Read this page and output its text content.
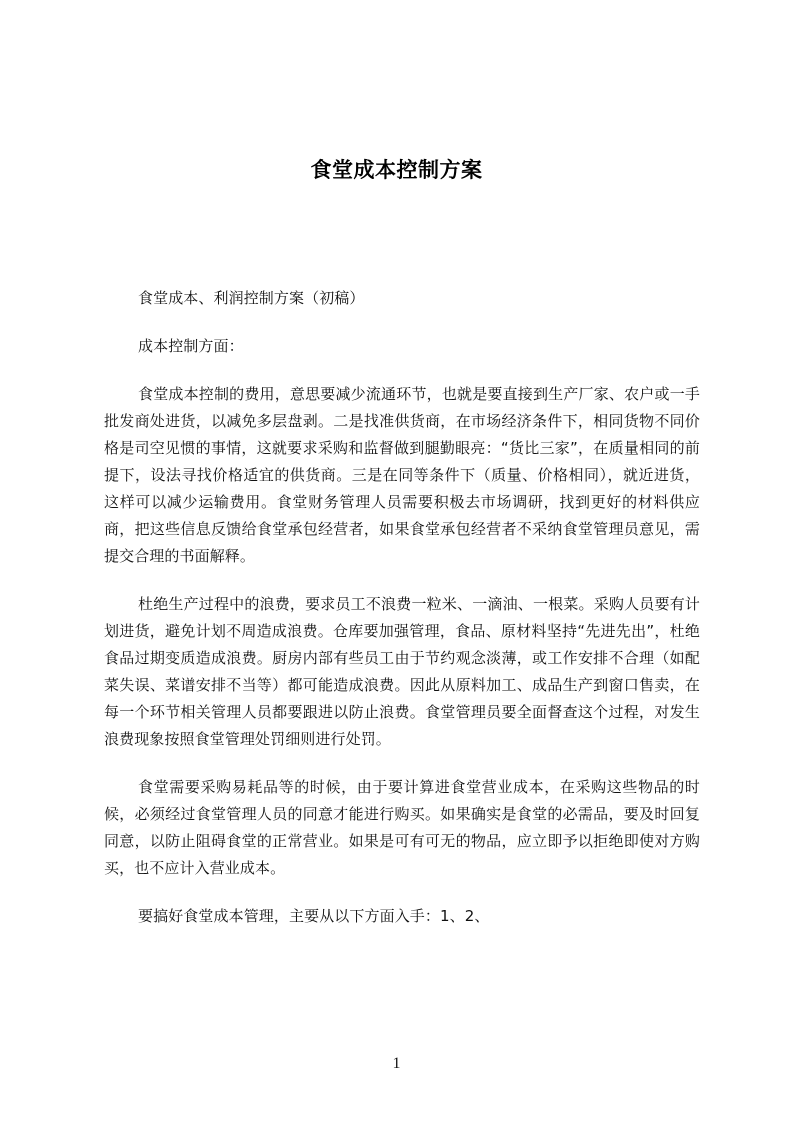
食堂成本控制方案

食堂成本、利润控制方案（初稿）

成本控制方面：

食堂成本控制的费用，意思要减少流通环节，也就是要直接到生产厂家、农户或一手批发商处进货，以减免多层盘剥。二是找准供货商，在市场经济条件下，相同货物不同价格是司空见惯的事情，这就要求采购和监督做到腿勤眼亮：“货比三家”，在质量相同的前提下，设法寻找价格适宜的供货商。三是在同等条件下（质量、价格相同），就近进货，这样可以减少运输费用。食堂财务管理人员需要积极去市场调研，找到更好的材料供应商，把这些信息反馈给食堂承包经营者，如果食堂承包经营者不采纳食堂管理员意见，需提交合理的书面解释。

杜绝生产过程中的浪费，要求员工不浪费一粒米、一滴油、一根菜。采购人员要有计划进货，避免计划不周造成浪费。仓库要加强管理，食品、原材料坚持“先进先出”，杜绝食品过期变质造成浪费。厨房内部有些员工由于节约观念淡薄，或工作安排不合理（如配菜失误、菜谱安排不当等）都可能造成浪费。因此从原料加工、成品生产到窗口售卖，在每一个环节相关管理人员都要跟进以防止浪费。食堂管理员要全面督查这个过程，对发生浪费现象按照食堂管理处罚细则进行处罚。

食堂需要采购易耗品等的时候，由于要计算进食堂营业成本，在采购这些物品的时候，必须经过食堂管理人员的同意才能进行购买。如果确实是食堂的必需品，要及时回复同意，以防止阻碍食堂的正常营业。如果是可有可无的物品，应立即予以拒绝即使对方购买，也不应计入营业成本。

要搞好食堂成本管理，主要从以下方面入手：1、2、

1
